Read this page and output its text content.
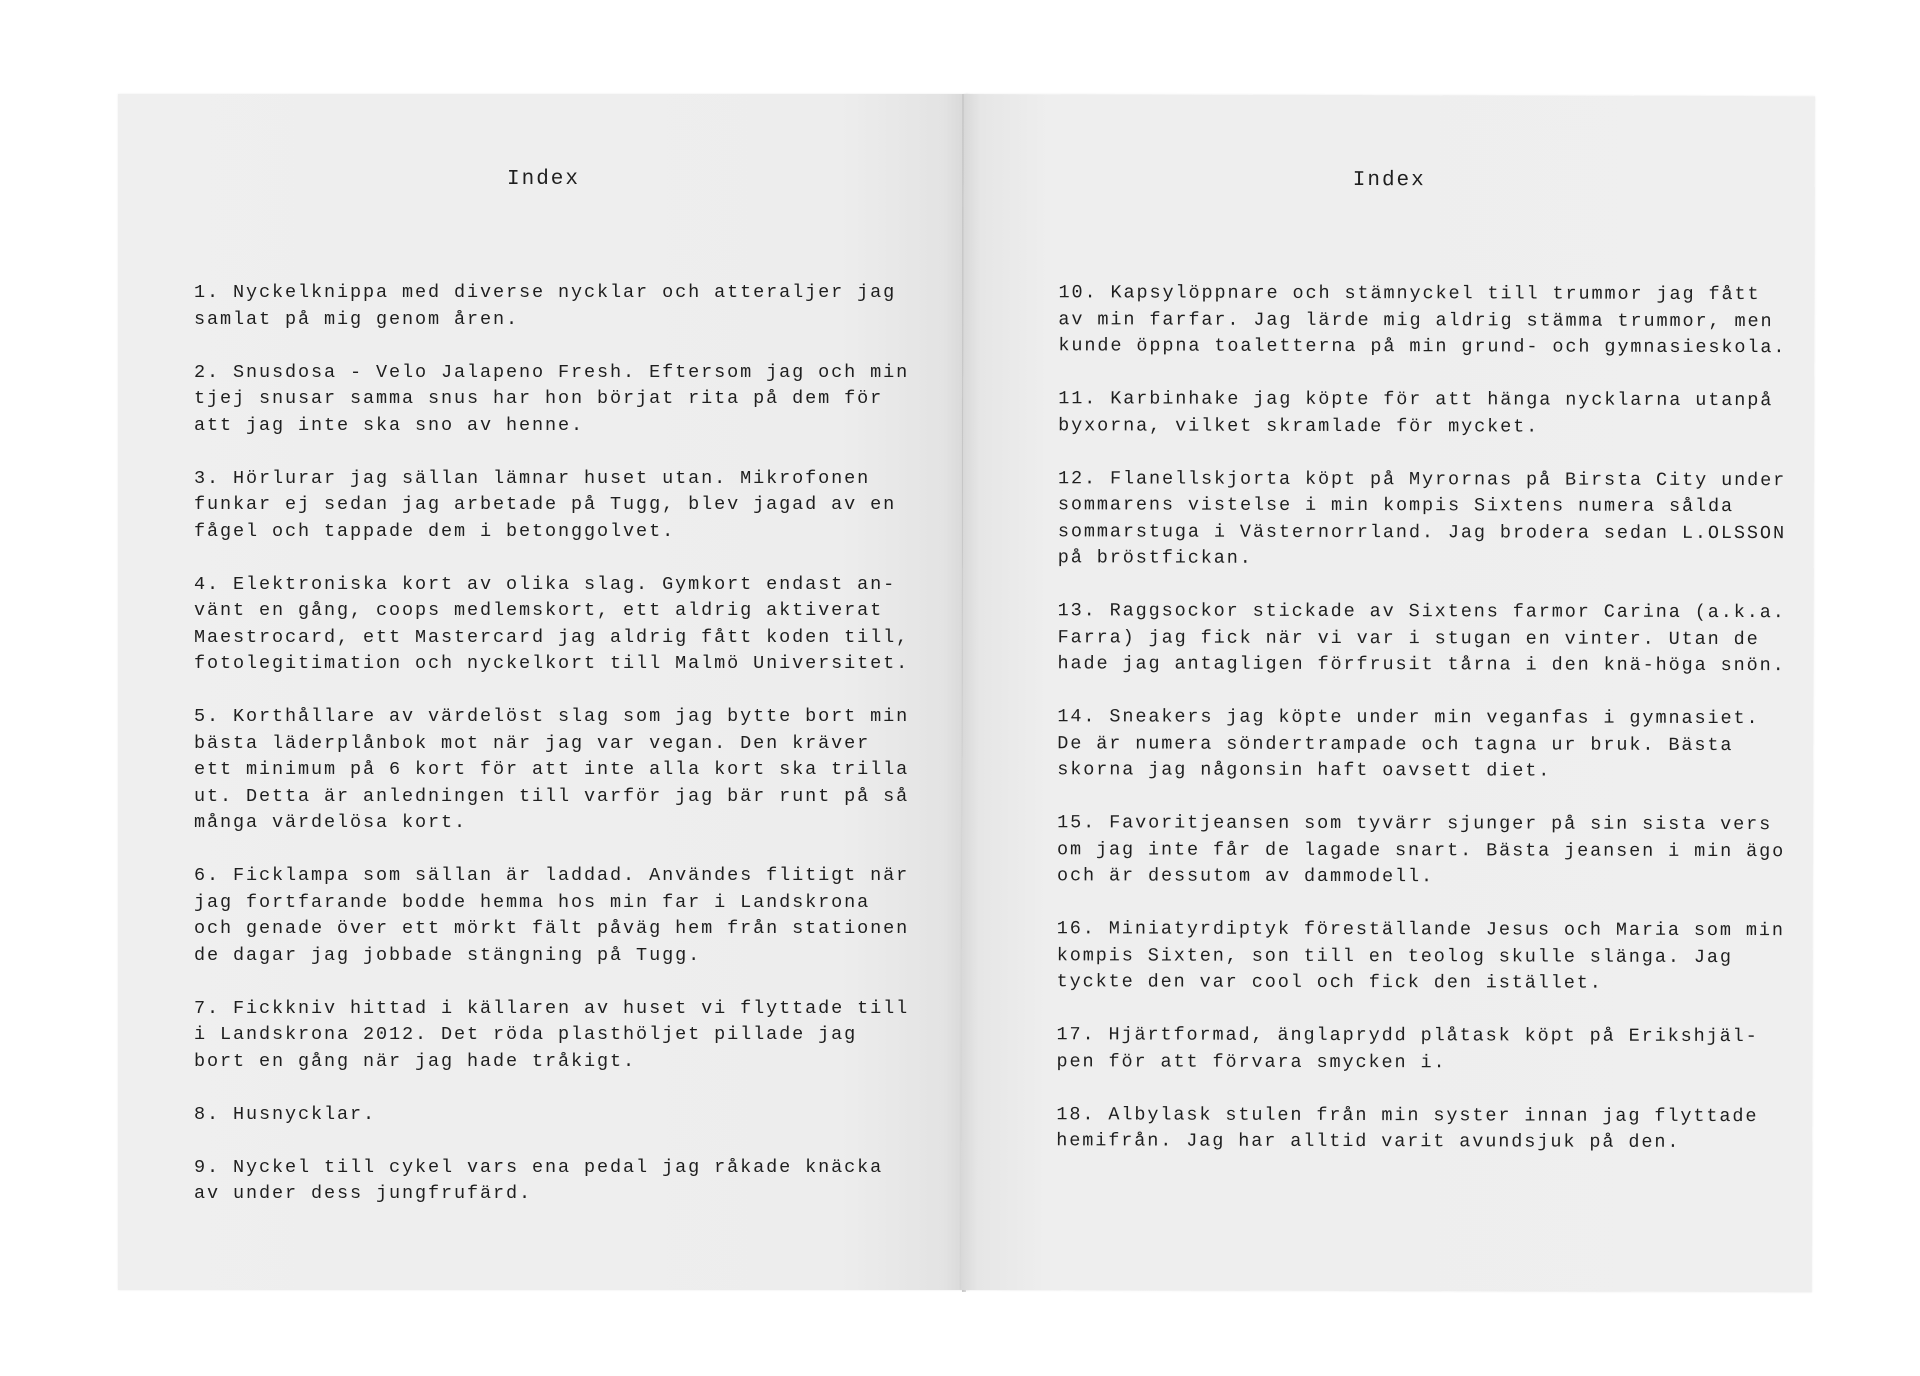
Index
1. Nyckelknippa med diverse nycklar och atteraljer jag samlat på mig genom åren.
2. Snusdosa - Velo Jalapeno Fresh. Eftersom jag och min tjej snusar samma snus har hon börjat rita på dem för att jag inte ska sno av henne.
3. Hörlurar jag sällan lämnar huset utan. Mikrofonen funkar ej sedan jag arbetade på Tugg, blev jagad av en fågel och tappade dem i betonggolvet.
4. Elektroniska kort av olika slag. Gymkort endast an-vänt en gång, coops medlemskort, ett aldrig aktiverat Maestrocard, ett Mastercard jag aldrig fått koden till, fotolegitimation och nyckelkort till Malmö Universitet.
5. Korthållare av värdelöst slag som jag bytte bort min bästa läderplånbok mot när jag var vegan. Den kräver ett minimum på 6 kort för att inte alla kort ska trilla ut. Detta är anledningen till varför jag bär runt på så många värdelösa kort.
6. Ficklampa som sällan är laddad. Användes flitigt när jag fortfarande bodde hemma hos min far i Landskrona och genade över ett mörkt fält påväg hem från stationen de dagar jag jobbade stängning på Tugg.
7. Fickkniv hittad i källaren av huset vi flyttade till i Landskrona 2012. Det röda plasthöljet pillade jag bort en gång när jag hade tråkigt.
8. Husnycklar.
9. Nyckel till cykel vars ena pedal jag råkade knäcka av under dess jungfrufärd.
Index
10. Kapsylöppnare och stämnyckel till trummor jag fått av min farfar. Jag lärde mig aldrig stämma trummor, men kunde öppna toaletterna på min grund- och gymnasieskola.
11. Karbinhake jag köpte för att hänga nycklarna utanpå byxorna, vilket skramlade för mycket.
12. Flanellskjorta köpt på Myrornas på Birsta City under sommarens vistelse i min kompis Sixtens numera sålda sommarstuga i Västernorrland. Jag brodera sedan L.OLSSON på bröstfickan.
13. Raggsockor stickade av Sixtens farmor Carina (a.k.a. Farra) jag fick när vi var i stugan en vinter. Utan de hade jag antagligen förfrusit tårna i den knä-höga snön.
14. Sneakers jag köpte under min veganfas i gymnasiet. De är numera söndertrampade och tagna ur bruk. Bästa skorna jag någonsin haft oavsett diet.
15. Favoritjeansen som tyvärr sjunger på sin sista vers om jag inte får de lagade snart. Bästa jeansen i min ägo och är dessutom av dammodell.
16. Miniatyrdiptyk föreställande Jesus och Maria som min kompis Sixten, son till en teolog skulle slänga. Jag tyckte den var cool och fick den istället.
17. Hjärtformad, änglaprydd plåtask köpt på Erikshjäl-pen för att förvara smycken i.
18. Albylask stulen från min syster innan jag flyttade hemifrån. Jag har alltid varit avundsjuk på den.
